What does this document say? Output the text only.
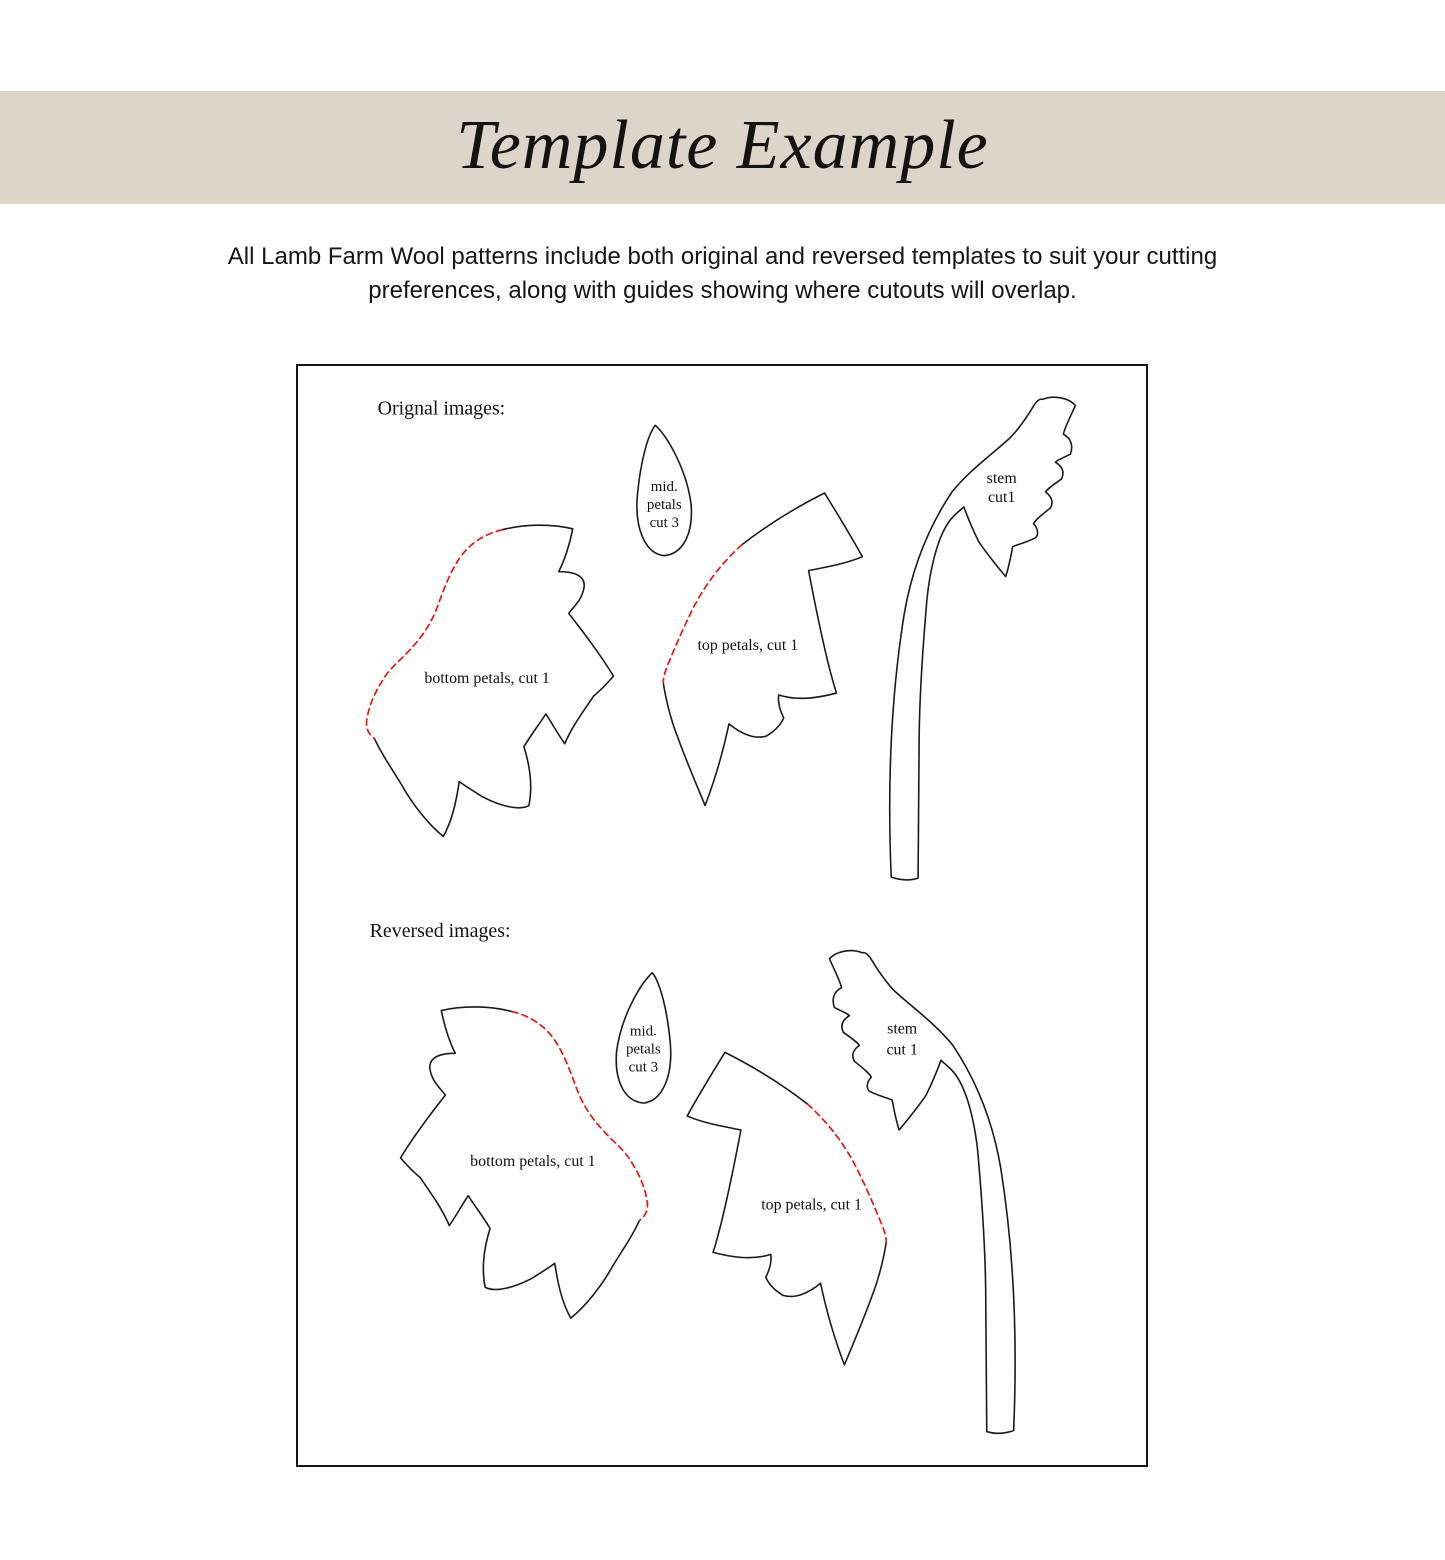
Template Example
All Lamb Farm Wool patterns include both original and reversed templates to suit your cutting
preferences, along with guides showing where cutouts will overlap.
Orignal images:
mid.
petals
cut 3
bottom petals, cut 1
top petals, cut 1
stem
cut1
Reversed images:
mid.
petals
cut 3
bottom petals, cut 1
top petals, cut 1
stem
cut 1
